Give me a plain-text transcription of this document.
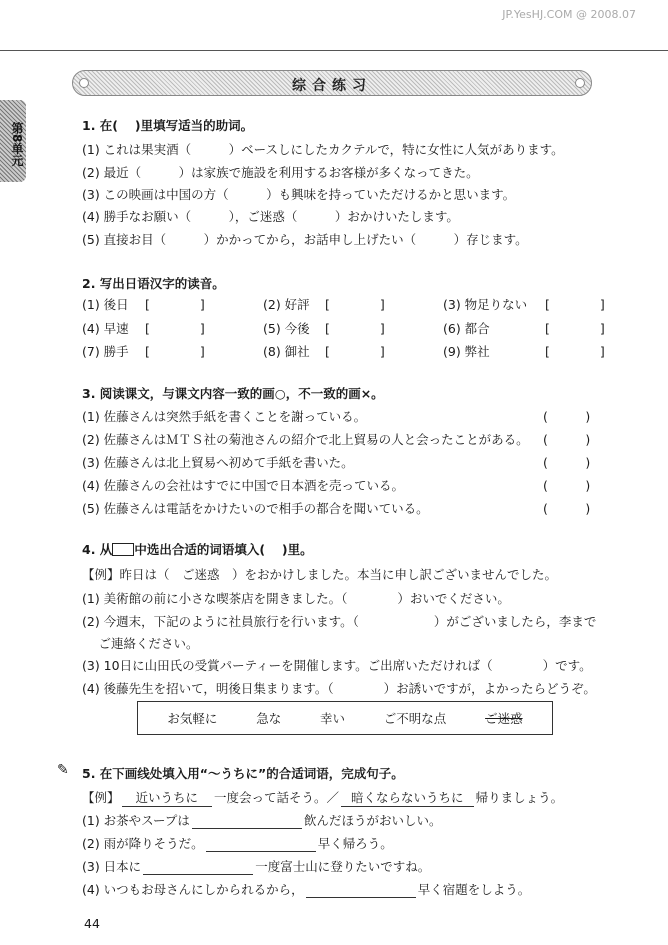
JP.YesHJ.COM @ 2008.07
综合练习
第8单元	1. 在(　 )里填写适当的助词。
(1) これは果実酒（　　　）ベースしにしたカクテルで，特に女性に人気があります。
(2) 最近（　　　）は家族で施設を利用するお客様が多くなってきた。
(3) この映画は中国の方（　　　）も興味を持っていただけるかと思います。
(4) 勝手なお願い（　　　），ご迷惑（　　　）おかけいたします。
(5) 直接お目（　　　）かかってから，お話申し上げたい（　　　）存じます。
2. 写出日语汉字的读音。
(1) 後日 [　　　　]	(2) 好評 [　　　　]	(3) 物足りない [　　　　]
(4) 早速 [　　　　]	(5) 今後 [　　　　]	(6) 都合	[　　　　]
(7) 勝手 [　　　　]	(8) 御社 [　　　　]	(9) 弊社	[　　　　]
3. 阅读课文，与课文内容一致的画○，不一致的画×。
(1) 佐藤さんは突然手紙を書くことを謝っている。	(　　　)
(2) 佐藤さんはＭＴＳ社の菊池さんの紹介で北上貿易の人と会ったことがある。 (　　　)
(3) 佐藤さんは北上貿易へ初めて手紙を書いた。	(　　　)
(4) 佐藤さんの会社はすでに中国で日本酒を売っている。	(　　　)
(5) 佐藤さんは電話をかけたいので相手の都合を聞いている。	(　　　)
4. 从 中选出合适的词语填入(　 )里。
【例】昨日は（　ご迷惑　）をおかけしました。本当に申し訳ございませんでした。
(1) 美術館の前に小さな喫茶店を開きました。（　　　　）おいでください。
(2) 今週末，下記のように社員旅行を行います。（　　　　　　）がございましたら，李まで
　 ご連絡ください。
(3) 10日に山田氏の受賞パーティーを開催します。ご出席いただければ（　　　　）です。
(4) 後藤先生を招いて，明後日集まります。（　　　　）お誘いですが，よかったらどうぞ。
お気軽に	急な	幸い	ご不明な点	ご迷惑
✎ 5. 在下画线处填入用“～うちに”的合适词语，完成句子。
【例】 近いうちに 一度会って話そう。／ 暗くならないうちに 帰りましょう。
(1) お茶やスープは	飲んだほうがおいしい。
(2) 雨が降りそうだ。	早く帰ろう。
(3) 日本に	一度富士山に登りたいですね。
(4) いつもお母さんにしかられるから，	早く宿題をしよう。
44
